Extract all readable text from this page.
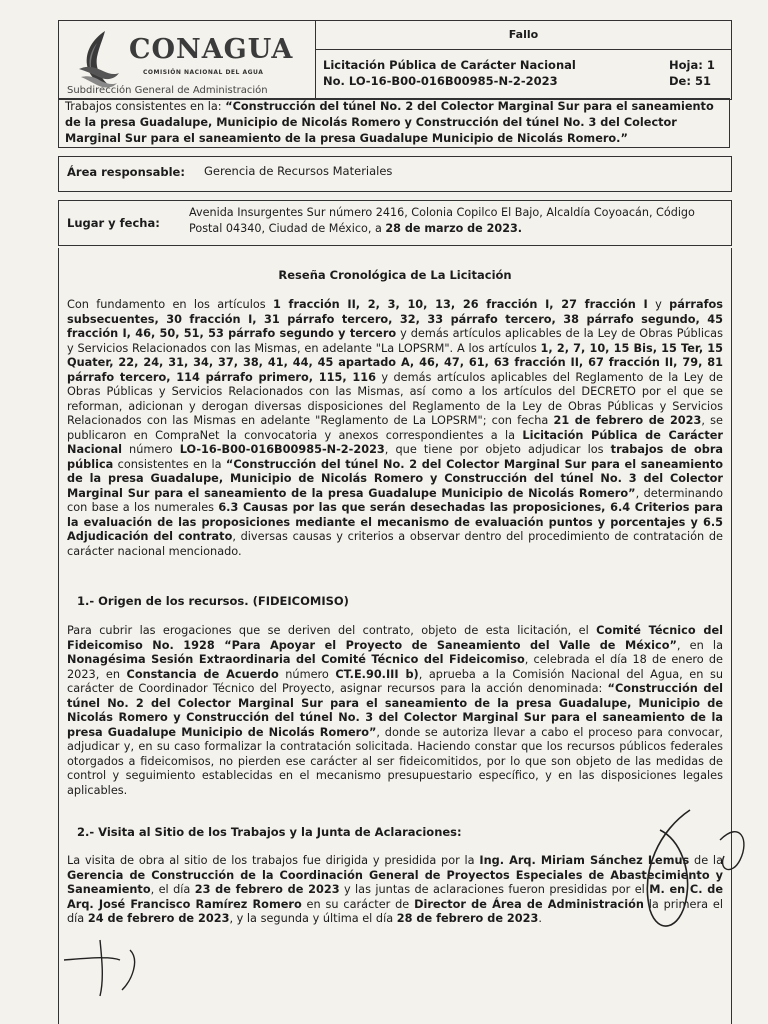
CONAGUA
COMISIÓN NACIONAL DEL AGUA
Subdirección General de Administración
Fallo
Licitación Pública de Carácter Nacional
No. LO-16-B00-016B00985-N-2-2023
Hoja: 1
De: 51
Trabajos consistentes en la: “Construcción del túnel No. 2 del Colector Marginal Sur para el saneamiento de la presa Guadalupe, Municipio de Nicolás Romero y Construcción del túnel No. 3 del Colector Marginal Sur para el saneamiento de la presa Guadalupe Municipio de Nicolás Romero.”
Área responsable: Gerencia de Recursos Materiales
Lugar y fecha:
Avenida Insurgentes Sur número 2416, Colonia Copilco El Bajo, Alcaldía Coyoacán, Código Postal 04340, Ciudad de México, a 28 de marzo de 2023.
Reseña Cronológica de La Licitación
Con fundamento en los artículos 1 fracción II, 2, 3, 10, 13, 26 fracción I, 27 fracción I y párrafos subsecuentes, 30 fracción I, 31 párrafo tercero, 32, 33 párrafo tercero, 38 párrafo segundo, 45 fracción I, 46, 50, 51, 53 párrafo segundo y tercero y demás artículos aplicables de la Ley de Obras Públicas y Servicios Relacionados con las Mismas, en adelante "La LOPSRM". A los artículos 1, 2, 7, 10, 15 Bis, 15 Ter, 15 Quater, 22, 24, 31, 34, 37, 38, 41, 44, 45 apartado A, 46, 47, 61, 63 fracción II, 67 fracción II, 79, 81 párrafo tercero, 114 párrafo primero, 115, 116 y demás artículos aplicables del Reglamento de la Ley de Obras Públicas y Servicios Relacionados con las Mismas, así como a los artículos del DECRETO por el que se reforman, adicionan y derogan diversas disposiciones del Reglamento de la Ley de Obras Públicas y Servicios Relacionados con las Mismas en adelante "Reglamento de La LOPSRM"; con fecha 21 de febrero de 2023, se publicaron en CompraNet la convocatoria y anexos correspondientes a la Licitación Pública de Carácter Nacional número LO-16-B00-016B00985-N-2-2023, que tiene por objeto adjudicar los trabajos de obra pública consistentes en la “Construcción del túnel No. 2 del Colector Marginal Sur para el saneamiento de la presa Guadalupe, Municipio de Nicolás Romero y Construcción del túnel No. 3 del Colector Marginal Sur para el saneamiento de la presa Guadalupe Municipio de Nicolás Romero”, determinando con base a los numerales 6.3 Causas por las que serán desechadas las proposiciones, 6.4 Criterios para la evaluación de las proposiciones mediante el mecanismo de evaluación puntos y porcentajes y 6.5 Adjudicación del contrato, diversas causas y criterios a observar dentro del procedimiento de contratación de carácter nacional mencionado.
1.- Origen de los recursos. (FIDEICOMISO)
Para cubrir las erogaciones que se deriven del contrato, objeto de esta licitación, el Comité Técnico del Fideicomiso No. 1928 “Para Apoyar el Proyecto de Saneamiento del Valle de México”, en la Nonagésima Sesión Extraordinaria del Comité Técnico del Fideicomiso, celebrada el día 18 de enero de 2023, en Constancia de Acuerdo número CT.E.90.III b), aprueba a la Comisión Nacional del Agua, en su carácter de Coordinador Técnico del Proyecto, asignar recursos para la acción denominada: “Construcción del túnel No. 2 del Colector Marginal Sur para el saneamiento de la presa Guadalupe, Municipio de Nicolás Romero y Construcción del túnel No. 3 del Colector Marginal Sur para el saneamiento de la presa Guadalupe Municipio de Nicolás Romero”, donde se autoriza llevar a cabo el proceso para convocar, adjudicar y, en su caso formalizar la contratación solicitada. Haciendo constar que los recursos públicos federales otorgados a fideicomisos, no pierden ese carácter al ser fideicomitidos, por lo que son objeto de las medidas de control y seguimiento establecidas en el mecanismo presupuestario específico, y en las disposiciones legales aplicables.
2.- Visita al Sitio de los Trabajos y la Junta de Aclaraciones:
La visita de obra al sitio de los trabajos fue dirigida y presidida por la Ing. Arq. Miriam Sánchez Lemus de la Gerencia de Construcción de la Coordinación General de Proyectos Especiales de Abastecimiento y Saneamiento, el día 23 de febrero de 2023 y las juntas de aclaraciones fueron presididas por el M. en C. de Arq. José Francisco Ramírez Romero en su carácter de Director de Área de Administración la primera el día 24 de febrero de 2023, y la segunda y última el día 28 de febrero de 2023.
